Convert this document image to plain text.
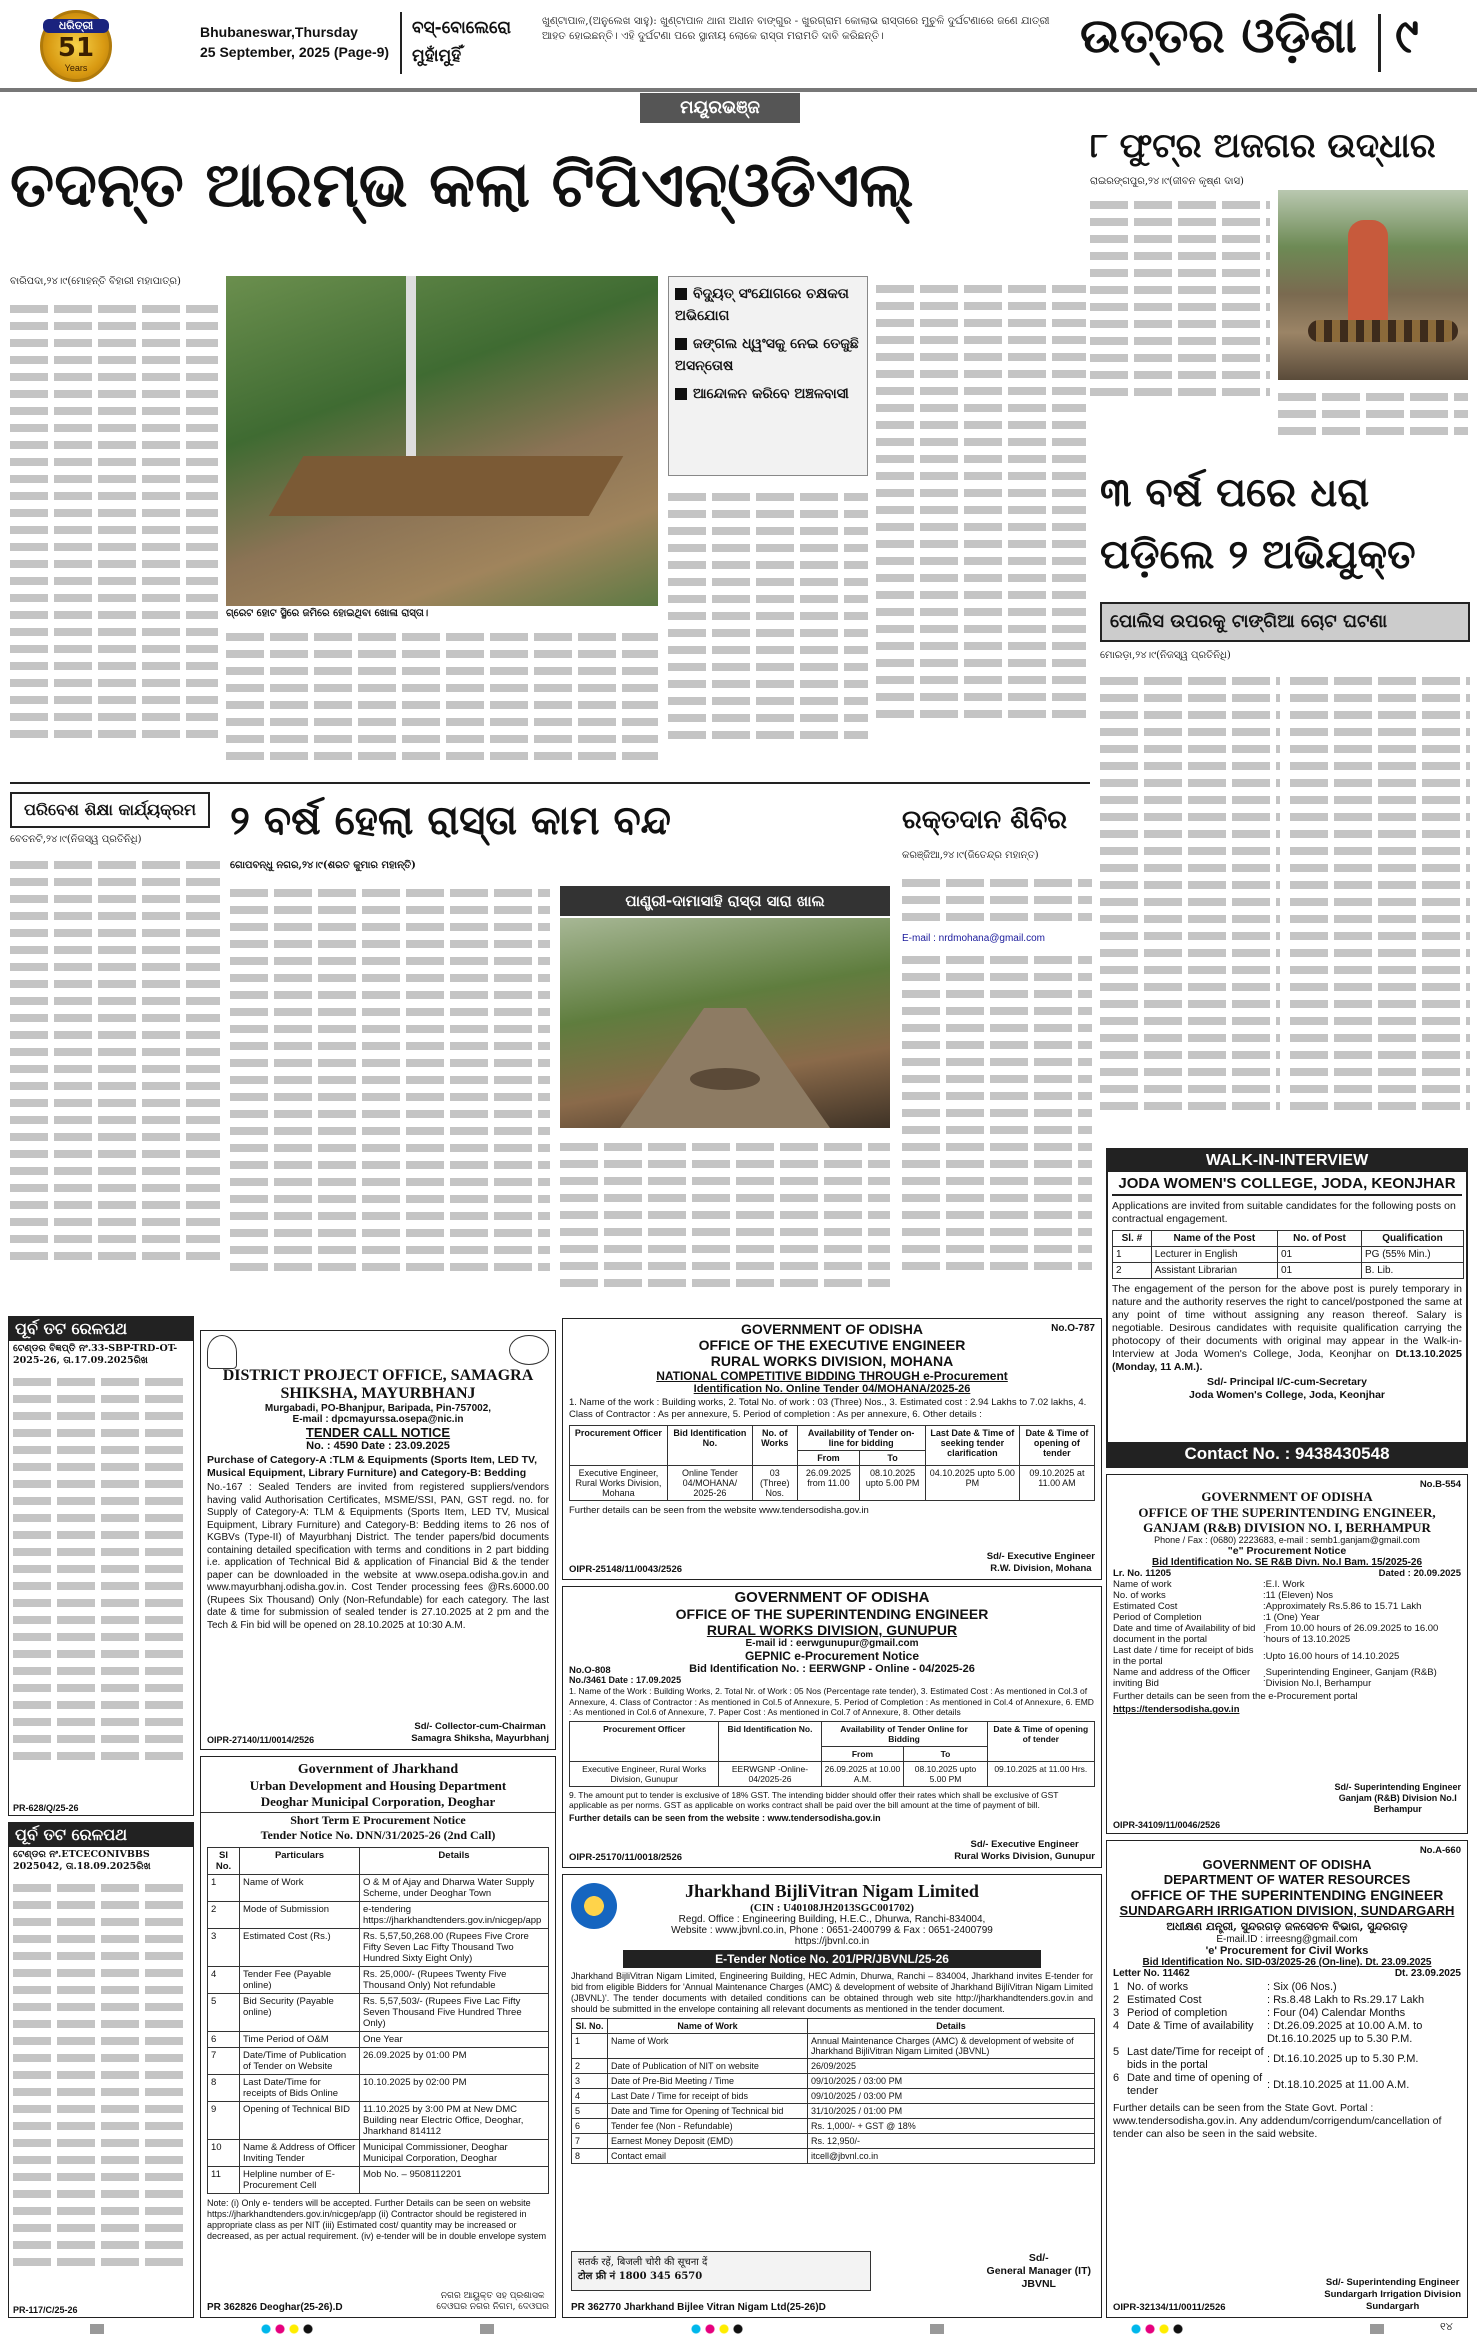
ଧରିତ୍ରୀ
51
Years
Bhubaneswar,Thursday
25 September, 2025 (Page-9)
ବସ୍-ବୋଲେରୋ
ମୁହାଁମୁହିଁ
ଖୁଣ୍ଟାପାଳ,(ଅନୁଲେଖ ସାହୁ): ଖୁଣ୍ଟାପାଳ ଥାନା ଅଧୀନ ବାଙ୍ଗୁର - ଖୁରଗ୍ରାମ କୋଲାଭ ରାସ୍ତାରେ ମୁଚୁଳି ଦୁର୍ଘଟଣାରେ ଜଣେ ଯାତ୍ରୀ ଆହତ ହୋଇଛନ୍ତି। ଏହି ଦୁର୍ଘଟଣା ପରେ ସ୍ଥାନୀୟ ଲୋକେ ରାସ୍ତା ମରାମତି ଦାବି କରିଛନ୍ତି।	ଉତ୍ତର ଓଡ଼ିଶା ୯
ମୟୂରଭଞ୍ଜ
ତଦନ୍ତ ଆରମ୍ଭ କଲା ଟିପିଏନ୍‌ଓଡିଏଲ୍
୮ ଫୁଟ୍‌ର ଅଜଗର ଉଦ୍ଧାର
ରାଇରଙ୍ଗପୁର,୨୪।୯(ଜୀବନ କୃଷ୍ଣ ଦାସ)
୩ ବର୍ଷ ପରେ ଧରା ପଡ଼ିଲେ ୨ ଅଭିଯୁକ୍ତ
ପୋଲିସ ଉପରକୁ ଟାଙ୍ଗିଆ ଚୋଟ ଘଟଣା
ମୋରଡ଼ା,୨୪।୯(ନିଜସ୍ୱ ପ୍ରତିନିଧି)
ବାରିପଦା,୨୪।୯(ମୋହନ୍ତି ବିହାରୀ ମହାପାତ୍ର)
ଗ୍ରେଟ ହୋଟ ସ୍ଥିରେ ଜମିରେ ହୋଇଥିବା ଖୋଳା ରାସ୍ତା।
ବିଦ୍ୟୁତ୍ ସଂଯୋଗରେ ଚକ୍ଷକତା ଅଭିଯୋଗ
ଜଙ୍ଗଲ ଧ୍ୱଂସକୁ ନେଇ ତେଜୁଛି ଅସନ୍ତୋଷ
ଆନ୍ଦୋଳନ କରିବେ ଅଞ୍ଚଳବାସୀ
ପରିବେଶ ଶିକ୍ଷା କାର୍ଯ୍ୟକ୍ରମ
ବେତନଟି,୨୪।୯(ନିଜସ୍ୱ ପ୍ରତିନିଧି) ୨ ବର୍ଷ ହେଲା ରାସ୍ତା କାମ ବନ୍ଦ
ଗୋପବନ୍ଧୁ ନଗର,୨୪।୯(ଶରତ କୁମାର ମହାନ୍ତି)
ପାଣ୍ଡ୍ରୀ-ଦାମାସାହି ରାସ୍ତା ସାରା ଖାଲ
ରକ୍ତଦାନ ଶିବିର
କରଞ୍ଜିଆ,୨୪।୯(ଜିତେନ୍ଦ୍ର ମହାନ୍ତ)
E-mail : nrdmohana@gmail.com
WALK-IN-INTERVIEW
JODA WOMEN'S COLLEGE, JODA, KEONJHAR
Applications are invited from suitable candidates for the following posts on contractual engagement.
Sl. #	Name of the Post	No. of Post	Qualification
1	Lecturer in English	01	PG (55% Min.)
2	Assistant Librarian	01	B. Lib.
The engagement of the person for the above post is purely temporary in nature and the authority reserves the right to cancel/postponed the same at any point of time without assigning any reason thereof. Salary is negotiable. Desirous candidates with requisite qualification carrying the photocopy of their documents with original may appear in the Walk-in-Interview at Joda Women's College, Joda, Keonjhar on Dt.13.10.2025 (Monday, 11 A.M.).
Sd/- Principal I/C-cum-Secretary
Joda Women's College, Joda, Keonjhar
Contact No. : 9438430548
ପୂର୍ବ ତଟ ରେଳପଥ
ଟେଣ୍ଡର ବିଜ୍ଞପ୍ତି ନଂ.33-SBP-TRD-OT-2025-26, ତା.17.09.2025ରିଖ
PR-628/Q/25-26
ପୂର୍ବ ତଟ ରେଳପଥ
ଟେଣ୍ଡର ନଂ.ETCECONIVBBS 2025042, ତା.18.09.2025ରିଖ
PR-117/C/25-26
DISTRICT PROJECT OFFICE, SAMAGRA SHIKSHA, MAYURBHANJ
Murgabadi, PO-Bhanjpur, Baripada, Pin-757002,
E-mail : dpcmayurssa.osepa@nic.in
TENDER CALL NOTICE
No. : 4590 Date : 23.09.2025
Purchase of Category-A :TLM & Equipments (Sports Item, LED TV, Musical Equipment, Library Furniture) and Category-B: Bedding
No.-167 : Sealed Tenders are invited from registered suppliers/vendors having valid Authorisation Certificates, MSME/SSI, PAN, GST regd. no. for Supply of Category-A: TLM & Equipments (Sports Item, LED TV, Musical Equipment, Library Furniture) and Category-B: Bedding items to 26 nos of KGBVs (Type-II) of Mayurbhanj District. The tender papers/bid documents containing detailed specification with terms and conditions in 2 part bidding i.e. application of Technical Bid & application of Financial Bid & the tender paper can be downloaded in the website at www.osepa.odisha.gov.in and www.mayurbhanj.odisha.gov.in. Cost Tender processing fees @Rs.6000.00 (Rupees Six Thousand) Only (Non-Refundable) for each category. The last date & time for submission of sealed tender is 27.10.2025 at 2 pm and the Tech & Fin bid will be opened on 28.10.2025 at 10:30 A.M.
OIPR-27140/11/0014/2526
Sd/- Collector-cum-Chairman
Samagra Shiksha, Mayurbhanj
Government of Jharkhand
Urban Development and Housing Department
Deoghar Municipal Corporation, Deoghar
Short Term E Procurement Notice
Tender Notice No. DNN/31/2025-26 (2nd Call)
Sl No.	Particulars	Details
1	Name of Work	O & M of Ajay and Dharwa Water Supply Scheme, under Deoghar Town
2	Mode of Submission	e-tendering https://jharkhandtenders.gov.in/nicgep/app
3	Estimated Cost (Rs.)	Rs. 5,57,50,268.00 (Rupees Five Crore Fifty Seven Lac Fifty Thousand Two Hundred Sixty Eight Only)
4	Tender Fee (Payable online)	Rs. 25,000/- (Rupees Twenty Five Thousand Only) Not refundable
5	Bid Security (Payable online)	Rs. 5,57,503/- (Rupees Five Lac Fifty Seven Thousand Five Hundred Three Only)
6	Time Period of O&M	One Year
7	Date/Time of Publication of Tender on Website	26.09.2025 by 01:00 PM
8	Last Date/Time for receipts of Bids Online	10.10.2025 by 02:00 PM
9	Opening of Technical BID	11.10.2025 by 3:00 PM at New DMC Building near Electric Office, Deoghar, Jharkhand 814112
10	Name & Address of Officer Inviting Tender	Municipal Commissioner, Deoghar Municipal Corporation, Deoghar
11	Helpline number of E-Procurement Cell	Mob No. – 9508112201
Note: (i) Only e- tenders will be accepted. Further Details can be seen on website https://jharkhandtenders.gov.in/nicgep/app (ii) Contractor should be registered in appropriate class as per NIT (iii) Estimated cost/ quantity may be increased or decreased, as per actual requirement. (iv) e-tender will be in double envelope system
PR 362826 Deoghar(25-26).D
ନଗର ଆୟୁକ୍ତ ସହ ପ୍ରଶାସକ
ଦେଓଘର ନଗର ନିଗମ, ଦେଓଘର
GOVERNMENT OF ODISHA	No.O-787
OFFICE OF THE EXECUTIVE ENGINEER
RURAL WORKS DIVISION, MOHANA
NATIONAL COMPETITIVE BIDDING THROUGH e-Procurement
Identification No. Online Tender 04/MOHANA/2025-26
1. Name of the work : Building works, 2. Total No. of work : 03 (Three) Nos., 3. Estimated cost : 2.94 Lakhs to 7.02 lakhs, 4. Class of Contractor : As per annexure, 5. Period of completion : As per annexure, 6. Other details :
Procurement Officer	Bid Identification No.	No. of Works	Availability of Tender on-line for bidding		Last Date & Time of seeking tender clarification	Date & Time of opening of tender
			From	To		
Executive Engineer, Rural Works Division, Mohana	Online Tender 04/MOHANA/ 2025-26	03 (Three) Nos.	26.09.2025 from 11.00	08.10.2025 upto 5.00 PM	04.10.2025 upto 5.00 PM	09.10.2025 at 11.00 AM
Further details can be seen from the website www.tendersodisha.gov.in
OIPR-25148/11/0043/2526
Sd/- Executive Engineer
R.W. Division, Mohana
GOVERNMENT OF ODISHA
OFFICE OF THE SUPERINTENDING ENGINEER
RURAL WORKS DIVISION, GUNUPUR
E-mail id : eerwgunupur@gmail.com
No.O-808
GEPNIC e-Procurement Notice
Bid Identification No. : EERWGNP - Online - 04/2025-26
No./3461 Date : 17.09.2025
1. Name of the Work : Building Works, 2. Total Nr. of Work : 05 Nos (Percentage rate tender), 3. Estimated Cost : As mentioned in Col.3 of Annexure, 4. Class of Contractor : As mentioned in Col.5 of Annexure, 5. Period of Completion : As mentioned in Col.4 of Annexure, 6. EMD : As mentioned in Col.6 of Annexure, 7. Paper Cost : As mentioned in Col.7 of Annexure, 8. Other details
Procurement Officer	Bid Identification No.	Availability of Tender Online for Bidding		Date & Time of opening of tender
		From	To	
Executive Engineer, Rural Works Division, Gunupur	EERWGNP -Online-04/2025-26	26.09.2025 at 10.00 A.M.	08.10.2025 upto 5.00 PM	09.10.2025 at 11.00 Hrs.
9. The amount put to tender is exclusive of 18% GST. The intending bidder should offer their rates which shall be exclusive of GST applicable as per norms. GST as applicable on works contract shall be paid over the bill amount at the time of payment of bill.
Further details can be seen from the website : www.tendersodisha.gov.in
OIPR-25170/11/0018/2526
Sd/- Executive Engineer
Rural Works Division, Gunupur
Jharkhand BijliVitran Nigam Limited
(CIN : U40108JH2013SGC001702)
Regd. Office : Engineering Building, H.E.C., Dhurwa, Ranchi-834004,
Website : www.jbvnl.co.in, Phone : 0651-2400799 & Fax : 0651-2400799
https://jbvnl.co.in
E-Tender Notice No. 201/PR/JBVNL/25-26
Jharkhand BijliVitran Nigam Limited, Engineering Building, HEC Admin, Dhurwa, Ranchi – 834004, Jharkhand invites E-tender for bid from eligible Bidders for 'Annual Maintenance Charges (AMC) & development of website of Jharkhand BijliVitran Nigam Limited (JBVNL)'. The tender documents with detailed conditions can be obtained through web site http://jharkhandtenders.gov.in and should be submitted in the envelope containing all relevant documents as mentioned in the tender document.
Sl. No.	Name of Work	Details
1	Name of Work	Annual Maintenance Charges (AMC) & development of website of Jharkhand BijliVitran Nigam Limited (JBVNL)
2	Date of Publication of NIT on website	26/09/2025
3	Date of Pre-Bid Meeting / Time	09/10/2025 / 03:00 PM
4	Last Date / Time for receipt of bids	09/10/2025 / 03:00 PM
5	Date and Time for Opening of Technical bid	31/10/2025 / 01:00 PM
6	Tender fee (Non - Refundable)	Rs. 1,000/- + GST @ 18%
7	Earnest Money Deposit (EMD)	Rs. 12,950/-
8	Contact email	itcell@jbvnl.co.in
सतर्क रहें, बिजली चोरी की सूचना दें
टोल फ्री नं 1800 345 6570
Sd/-
General Manager (IT)
JBVNL
PR 362770 Jharkhand Bijlee Vitran Nigam Ltd(25-26)D
No.B-554
GOVERNMENT OF ODISHA
OFFICE OF THE SUPERINTENDING ENGINEER, GANJAM (R&B) DIVISION NO. I, BERHAMPUR
Phone / Fax : (0680) 2223683, e-mail : semb1.ganjam@gmail.com
"e" Procurement Notice
Bid Identification No. SE R&B Divn. No.I Bam. 15/2025-26
Lr. No. 11205	Dated : 20.09.2025
Name of work	:	E.I. Work
No. of works	:	11 (Eleven) Nos
Estimated Cost	:	Approximately Rs.5.86 to 15.71 Lakh
Period of Completion	:	1 (One) Year
Date and time of Availability of bid document in the portal	:	From 10.00 hours of 26.09.2025 to 16.00 hours of 13.10.2025
Last date / time for receipt of bids in the portal	:	Upto 16.00 hours of 14.10.2025
Name and address of the Officer inviting Bid	:	Superintending Engineer, Ganjam (R&B) Division No.I, Berhampur
Further details can be seen from the e-Procurement portal
https://tendersodisha.gov.in
Sd/- Superintending Engineer
Ganjam (R&B) Division No.I
Berhampur
OIPR-34109/11/0046/2526
No.A-660
GOVERNMENT OF ODISHA
DEPARTMENT OF WATER RESOURCES
OFFICE OF THE SUPERINTENDING ENGINEER
SUNDARGARH IRRIGATION DIVISION, SUNDARGARH
ଅଧୀକ୍ଷଣ ଯନ୍ତ୍ରୀ, ସୁନ୍ଦରଗଡ଼ ଜଳସେଚନ ବିଭାଗ, ସୁନ୍ଦରଗଡ଼
E-mail.ID : irreesng@gmail.com
'e' Procurement for Civil Works
Bid Identification No. SID-03/2025-26 (On-line). Dt. 23.09.2025
Letter No. 11462	Dt. 23.09.2025
1	No. of works	: Six (06 Nos.)
2	Estimated Cost	: Rs.8.48 Lakh to Rs.29.17 Lakh
3	Period of completion	: Four (04) Calendar Months
4	Date & Time of availability	: Dt.26.09.2025 at 10.00 A.M. to Dt.16.10.2025 up to 5.30 P.M.
5	Last date/Time for receipt of bids in the portal	: Dt.16.10.2025 up to 5.30 P.M.
6	Date and time of opening of tender	: Dt.18.10.2025 at 11.00 A.M.
Further details can be seen from the State Govt. Portal : www.tendersodisha.gov.in. Any addendum/corrigendum/cancellation of tender can also be seen in the said website.
Sd/- Superintending Engineer
Sundargarh Irrigation Division
Sundargarh
OIPR-32134/11/0011/2526
୧୪
